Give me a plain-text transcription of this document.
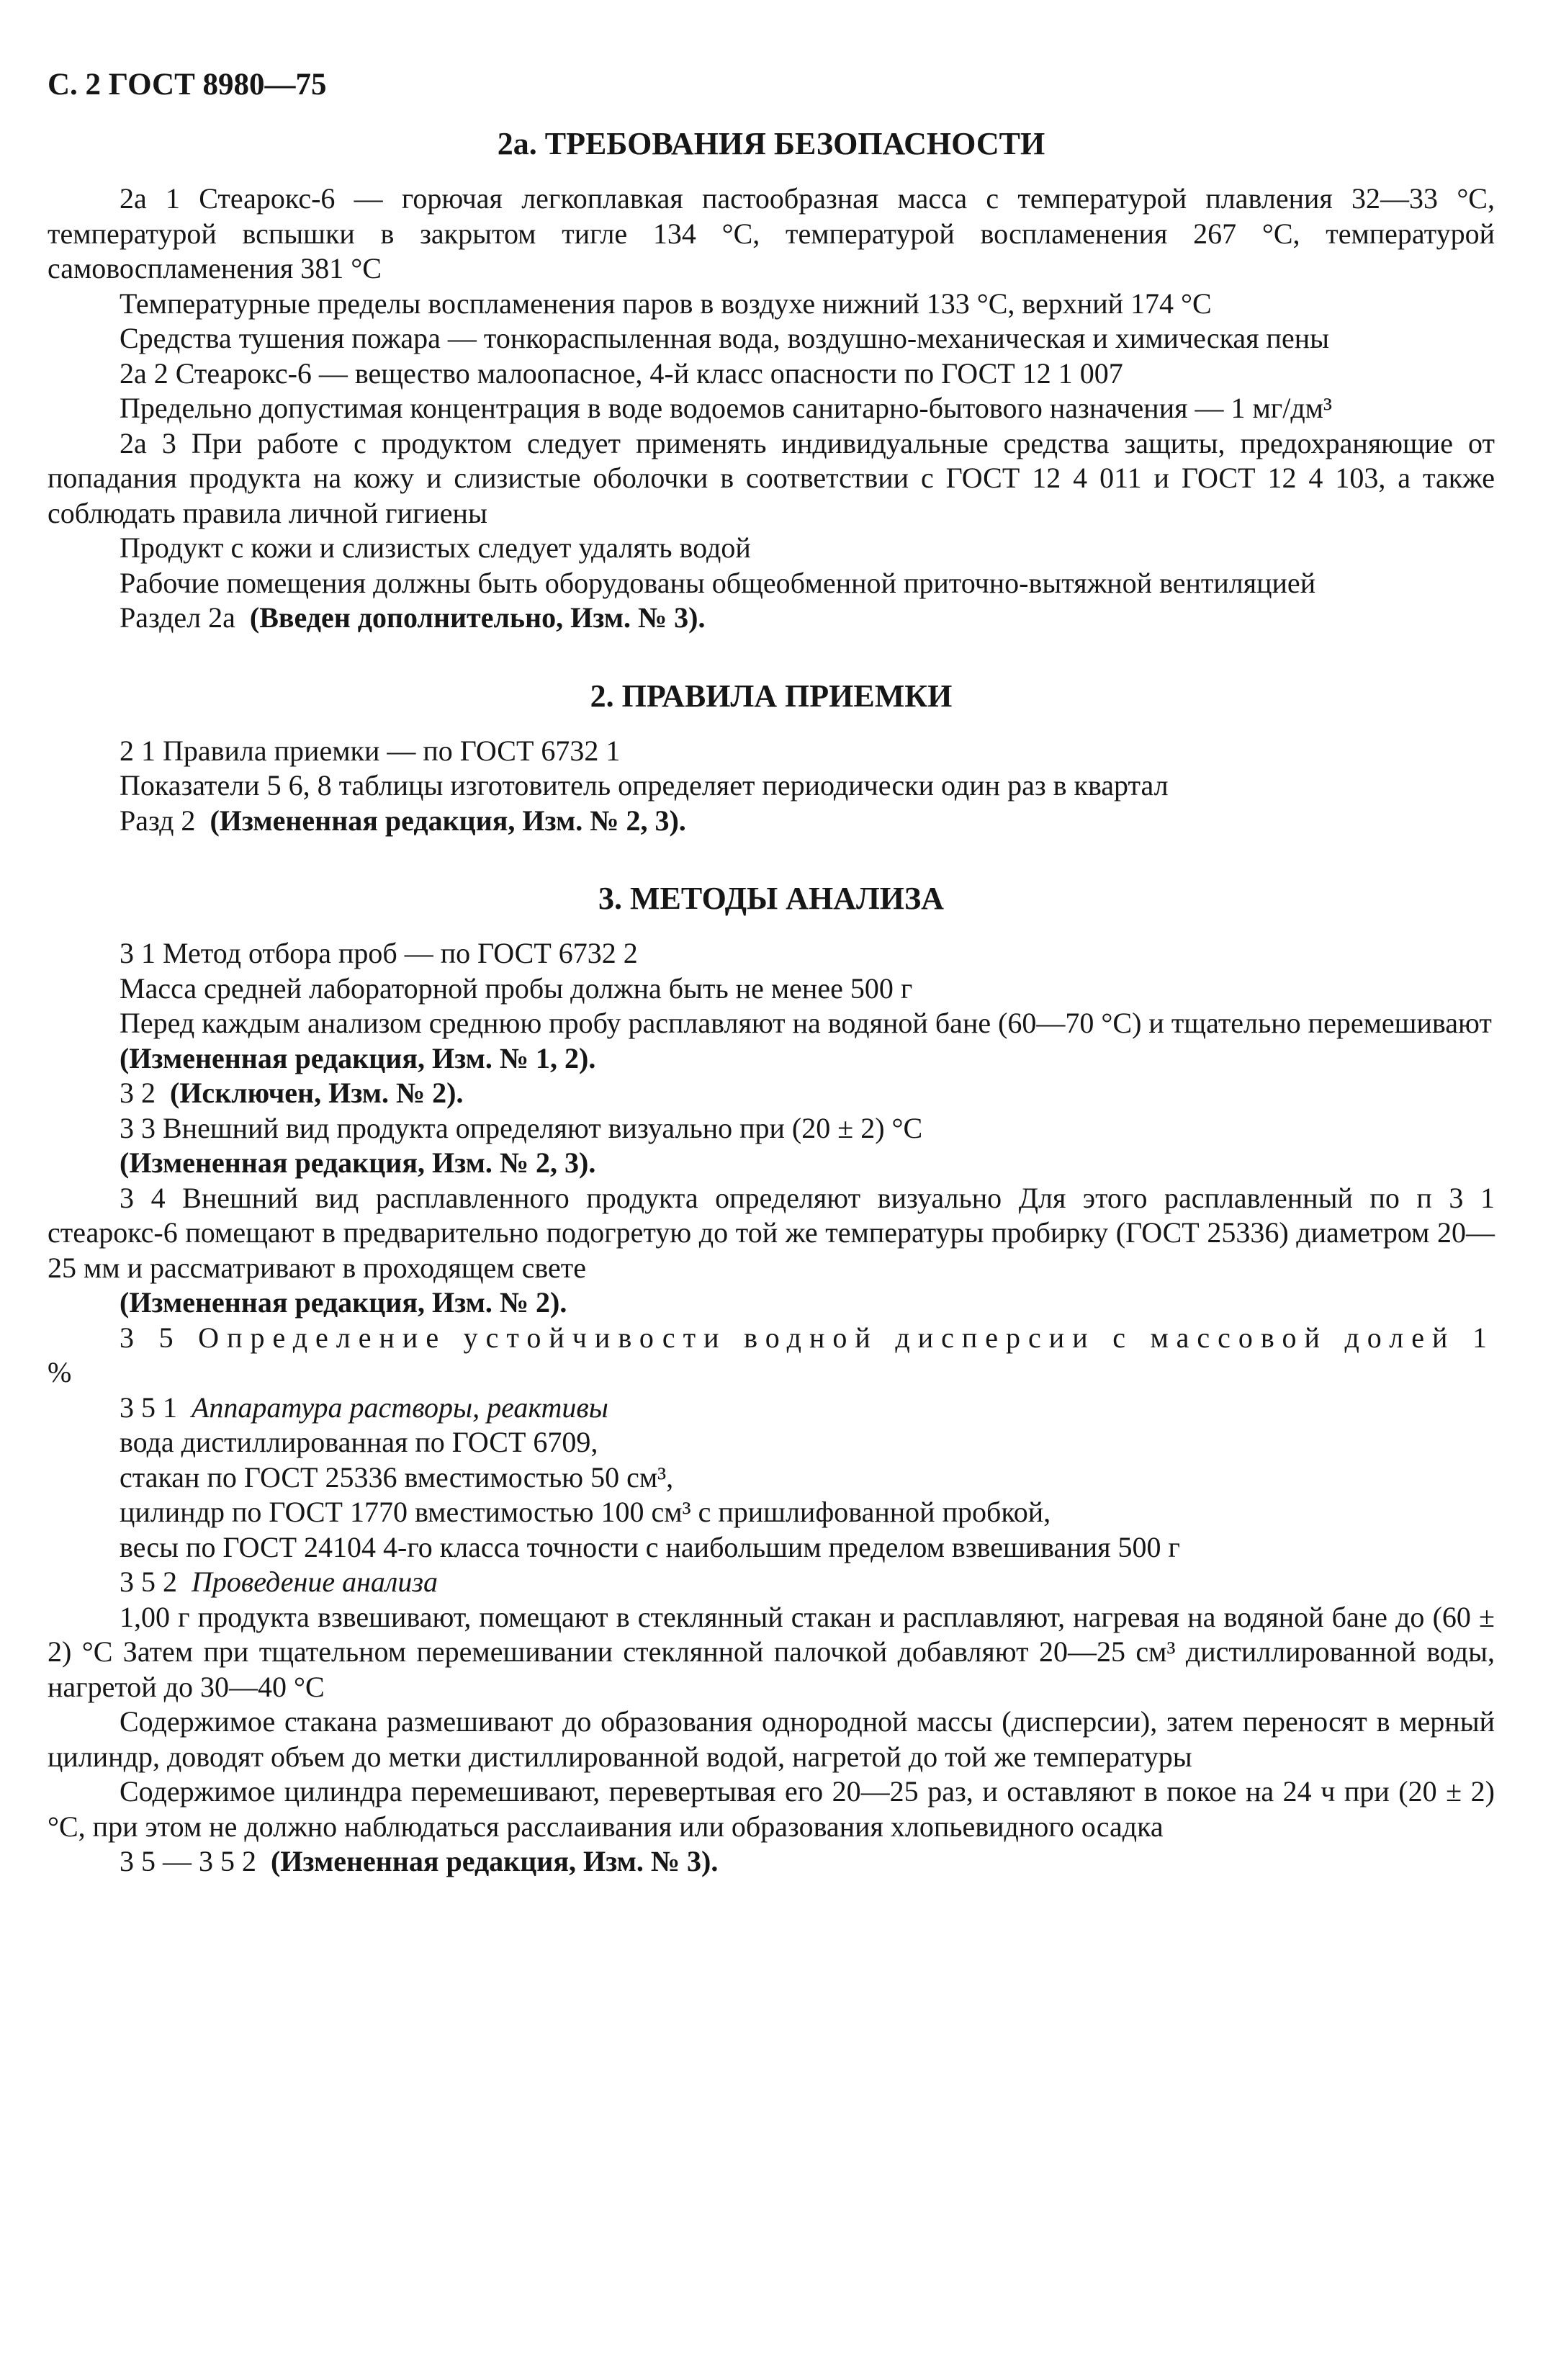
С. 2 ГОСТ 8980—75
2а. ТРЕБОВАНИЯ БЕЗОПАСНОСТИ
2а 1 Стеарокс-6 — горючая легкоплавкая пастообразная масса с температурой плавления 32—33 °С, температурой вспышки в закрытом тигле 134 °С, температурой воспламенения 267 °С, температурой самовоспламенения 381 °С
Температурные пределы воспламенения паров в воздухе нижний 133 °С, верхний 174 °С
Средства тушения пожара — тонкораспыленная вода, воздушно-механическая и химическая пены
2а 2 Стеарокс-6 — вещество малоопасное, 4-й класс опасности по ГОСТ 12 1 007
Предельно допустимая концентрация в воде водоемов санитарно-бытового назначения — 1 мг/дм³
2а 3 При работе с продуктом следует применять индивидуальные средства защиты, предохраняющие от попадания продукта на кожу и слизистые оболочки в соответствии с ГОСТ 12 4 011 и ГОСТ 12 4 103, а также соблюдать правила личной гигиены
Продукт с кожи и слизистых следует удалять водой
Рабочие помещения должны быть оборудованы общеобменной приточно-вытяжной вентиляцией
Раздел 2а (Введен дополнительно, Изм. № 3).
2. ПРАВИЛА ПРИЕМКИ
2 1 Правила приемки — по ГОСТ 6732 1
Показатели 5 6, 8 таблицы изготовитель определяет периодически один раз в квартал
Разд 2 (Измененная редакция, Изм. № 2, 3).
3. МЕТОДЫ АНАЛИЗА
3 1 Метод отбора проб — по ГОСТ 6732 2
Масса средней лабораторной пробы должна быть не менее 500 г
Перед каждым анализом среднюю пробу расплавляют на водяной бане (60—70 °С) и тщательно перемешивают
(Измененная редакция, Изм. № 1, 2).
3 2 (Исключен, Изм. № 2).
3 3 Внешний вид продукта определяют визуально при (20 ± 2) °С
(Измененная редакция, Изм. № 2, 3).
3 4 Внешний вид расплавленного продукта определяют визуально Для этого расплавленный по п 3 1 стеарокс-6 помещают в предварительно подогретую до той же температуры пробирку (ГОСТ 25336) диаметром 20—25 мм и рассматривают в проходящем свете
(Измененная редакция, Изм. № 2).
3 5 Определение устойчивости водной дисперсии с массовой долей 1 %
3 5 1 Аппаратура растворы, реактивы
вода дистиллированная по ГОСТ 6709,
стакан по ГОСТ 25336 вместимостью 50 см³,
цилиндр по ГОСТ 1770 вместимостью 100 см³ с пришлифованной пробкой,
весы по ГОСТ 24104 4-го класса точности с наибольшим пределом взвешивания 500 г
3 5 2 Проведение анализа
1,00 г продукта взвешивают, помещают в стеклянный стакан и расплавляют, нагревая на водяной бане до (60 ± 2) °С Затем при тщательном перемешивании стеклянной палочкой добавляют 20—25 см³ дистиллированной воды, нагретой до 30—40 °С
Содержимое стакана размешивают до образования однородной массы (дисперсии), затем переносят в мерный цилиндр, доводят объем до метки дистиллированной водой, нагретой до той же температуры
Содержимое цилиндра перемешивают, перевертывая его 20—25 раз, и оставляют в покое на 24 ч при (20 ± 2) °С, при этом не должно наблюдаться расслаивания или образования хлопьевидного осадка
3 5 — 3 5 2 (Измененная редакция, Изм. № 3).
